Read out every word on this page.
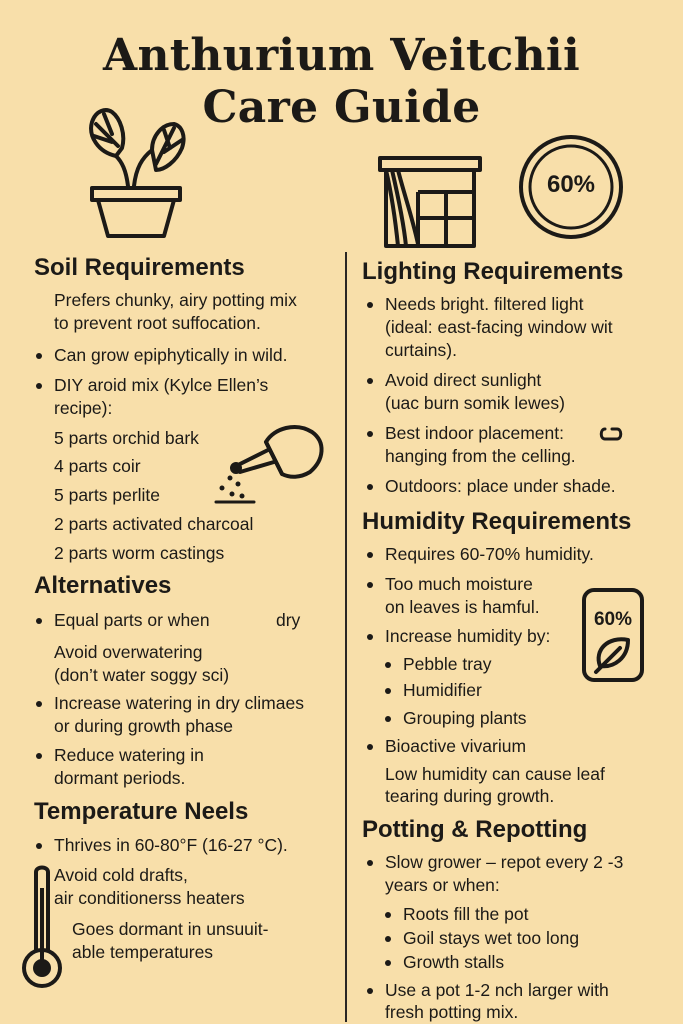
Anthurium Veitchii
Care Guide
60%
Soil Requirements
Prefers chunky, airy potting mix
to prevent root suffocation.
Can grow epiphytically in wild.
DIY aroid mix (Kylce Ellen’s
recipe):
5 parts orchid bark
4 parts coir
5 parts perlite
2 parts activated charcoal
2 parts worm castings
Alternatives
Equal parts or when	dry
Avoid overwatering
(don’t water soggy sci)
Increase watering in dry climaes
or during growth phase
Reduce watering in
dormant periods.
Temperature Neels
Thrives in 60-80°F (16-27 °C).
Avoid cold drafts,
air conditionerss heaters
Goes dormant in unsuuit-
able temperatures
Lighting Requirements
Needs bright. filtered light
(ideal: east-facing window wit
curtains).
Avoid direct sunlight
(uac burn somik lewes)
Best indoor placement:
hanging from the celling.
Outdoors: place under shade.
Humidity Requirements
Requires 60-70% humidity.
Too much moisture
on leaves is hamful.
Increase humidity by:
Pebble tray
Humidifier
Grouping plants
Bioactive vivarium
Low humidity can cause leaf
tearing during growth.
Potting & Repotting
Slow grower – repot every 2 -3
years or when:
Roots fill the pot
Goil stays wet too long
Growth stalls
Use a pot 1-2 nch larger with
fresh potting mix.
60%
